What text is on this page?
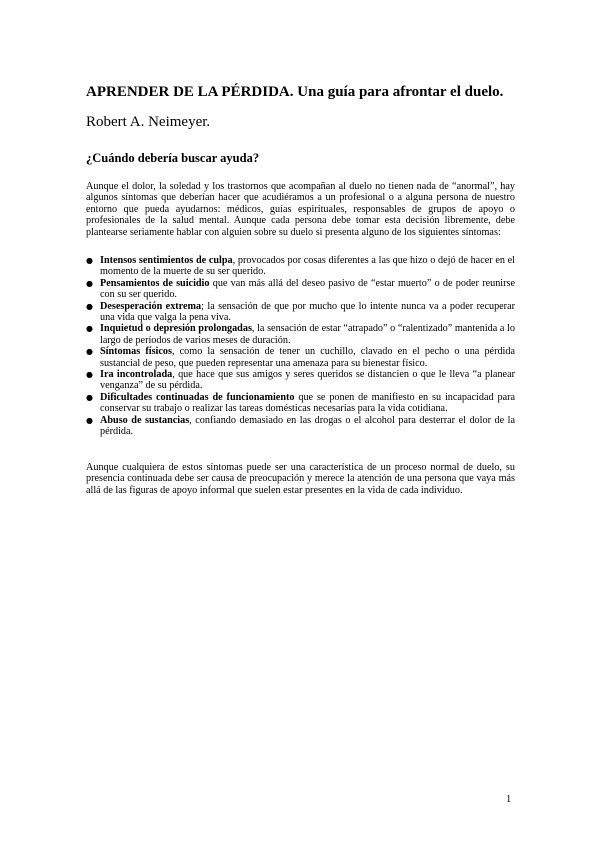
APRENDER DE LA PÉRDIDA. Una guía para afrontar el duelo.

Robert A. Neimeyer.

¿Cuándo debería buscar ayuda?

Aunque el dolor, la soledad y los trastornos que acompañan al duelo no tienen nada de “anormal”, hay algunos síntomas que deberían hacer que acudiéramos a un profesional o a alguna persona de nuestro entorno que pueda ayudarnos: médicos, guías espirituales, responsables de grupos de apoyo o profesionales de la salud mental. Aunque cada persona debe tomar esta decisión libremente, debe plantearse seriamente hablar con alguien sobre su duelo si presenta alguno de los siguientes síntomas:

● Intensos sentimientos de culpa, provocados por cosas diferentes a las que hizo o dejó de hacer en el momento de la muerte de su ser querido.
● Pensamientos de suicidio que van más allá del deseo pasivo de “estar muerto” o de poder reunirse con su ser querido.
● Desesperación extrema; la sensación de que por mucho que lo intente nunca va a poder recuperar una vida que valga la pena viva.
● Inquietud o depresión prolongadas, la sensación de estar “atrapado” o “ralentizado” mantenida a lo largo de períodos de varios meses de duración.
● Síntomas físicos, como la sensación de tener un cuchillo, clavado en el pecho o una pérdida sustancial de peso, que pueden representar una amenaza para su bienestar físico.
● Ira incontrolada, que hace que sus amigos y seres queridos se distancien o que le lleva “a planear venganza” de su pérdida.
● Dificultades continuadas de funcionamiento que se ponen de manifiesto en su incapacidad para conservar su trabajo o realizar las tareas domésticas necesarias para la vida cotidiana.
● Abuso de sustancias, confiando demasiado en las drogas o el alcohol para desterrar el dolor de la pérdida.

Aunque cualquiera de estos síntomas puede ser una característica de un proceso normal de duelo, su presencia continuada debe ser causa de preocupación y merece la atención de una persona que vaya más allá de las figuras de apoyo informal que suelen estar presentes en la vida de cada individuo.

1
